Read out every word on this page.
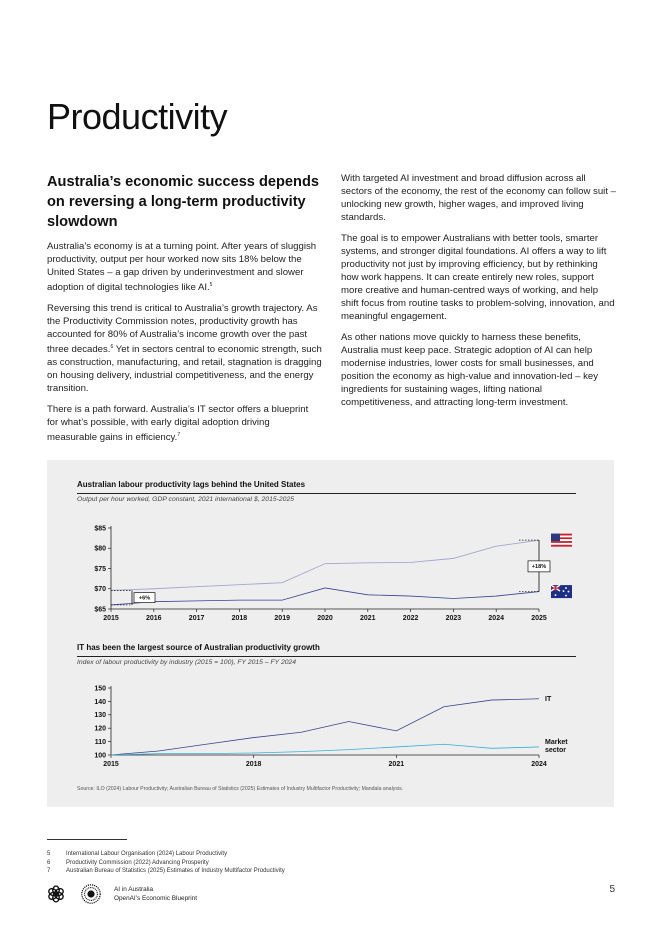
Productivity
Australia’s economic success depends on reversing a long-term productivity slowdown

Australia’s economy is at a turning point. After years of sluggish productivity, output per hour worked now sits 18% below the United States – a gap driven by underinvestment and slower adoption of digital technologies like AI.$^5$

Reversing this trend is critical to Australia’s growth trajectory. As the Productivity Commission notes, productivity growth has accounted for 80% of Australia’s income growth over the past three decades.$^6$ Yet in sectors central to economic strength, such as construction, manufacturing, and retail, stagnation is dragging on housing delivery, industrial competitiveness, and the energy transition.

There is a path forward. Australia’s IT sector offers a blueprint for what’s possible, with early digital adoption driving measurable gains in efficiency.$^7$

With targeted AI investment and broad diffusion across all sectors of the economy, the rest of the economy can follow suit – unlocking new growth, higher wages, and improved living standards.

The goal is to empower Australians with better tools, smarter systems, and stronger digital foundations. AI offers a way to lift productivity not just by improving efficiency, but by rethinking how work happens. It can create entirely new roles, support more creative and human-centred ways of working, and help shift focus from routine tasks to problem-solving, innovation, and meaningful engagement.

As other nations move quickly to harness these benefits, Australia must keep pace. Strategic adoption of AI can help modernise industries, lower costs for small businesses, and position the economy as high-value and innovation-led – key ingredients for sustaining wages, lifting national competitiveness, and attracting long-term investment.

Australian labour productivity lags behind the United States
Output per hour worked, GDP constant, 2021 international $, 2015-2025
IT has been the largest source of Australian productivity growth
Index of labour productivity by industry (2015 = 100), FY 2015 – FY 2024
$65
$70
$75
$80
$85
2015	2016	2017	2018	2019	2020	2021	2022	2023	2024	2025
+6%
+18%
100
110
120
130
140
150
2015	2018	2021	2024
IT
Market sector
Source: ILO (2024) Labour Productivity; Australian Bureau of Statistics (2025) Estimates of Industry Multifactor Productivity; Mandala analysis.
5	International Labour Organisation (2024) Labour Productivity
6	Productivity Commission (2022) Advancing Prosperity
7	Australian Bureau of Statistics (2025) Estimates of Industry Multifactor Productivity
AI in Australia
OpenAI’s Economic Blueprint
5
